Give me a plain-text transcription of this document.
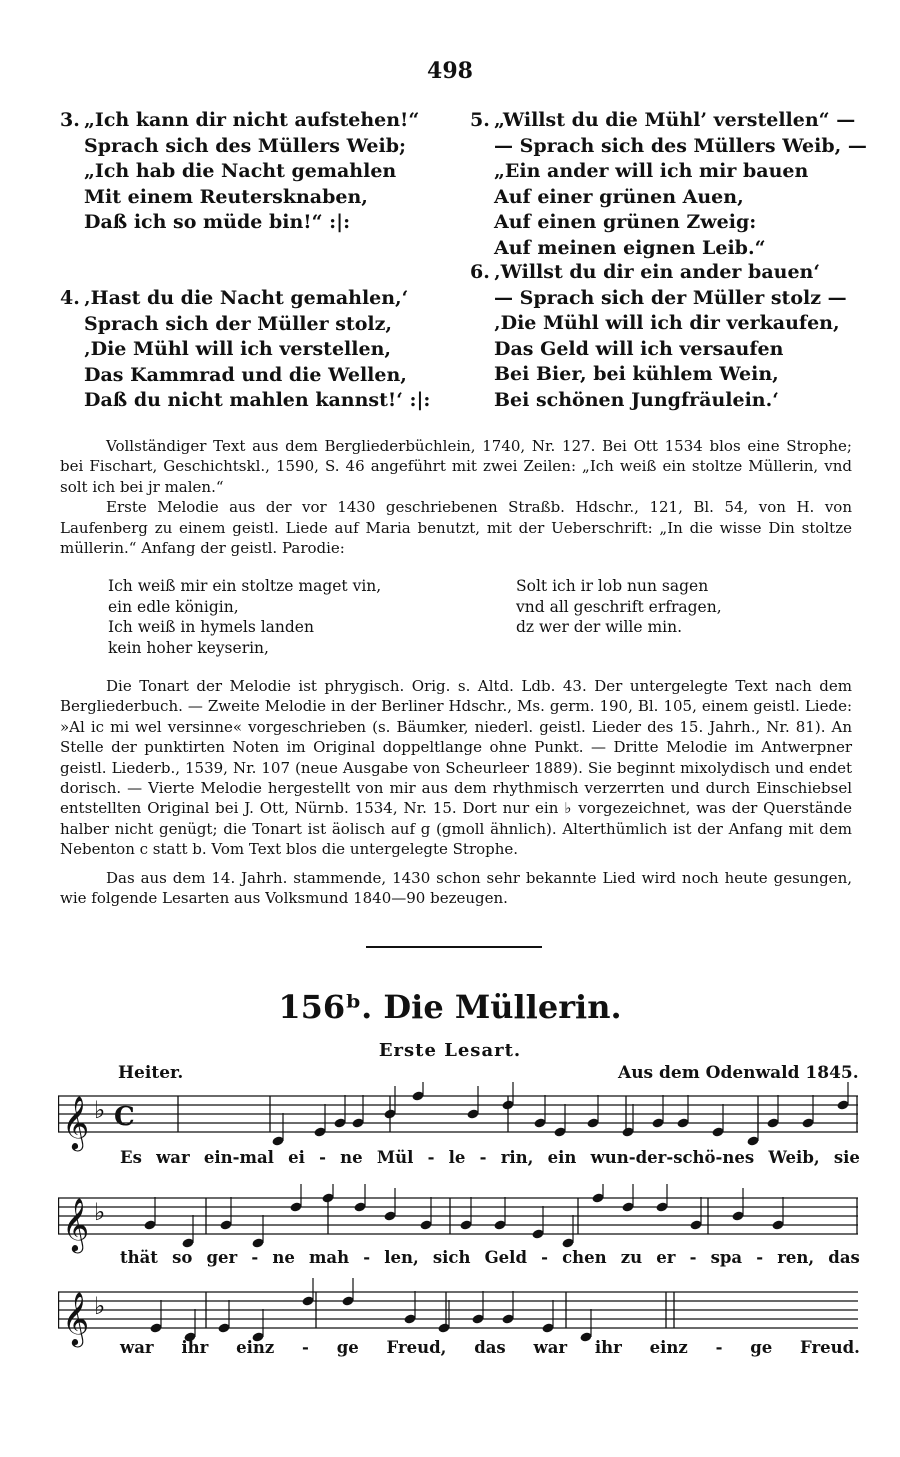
498
3. „Ich kann dir nicht aufstehen!“
Sprach sich des Müllers Weib;
„Ich hab die Nacht gemahlen
Mit einem Reutersknaben,
Daß ich so müde bin!“ :|:
4. ‚Hast du die Nacht gemahlen,‘
Sprach sich der Müller stolz,
‚Die Mühl will ich verstellen,
Das Kammrad und die Wellen,
Daß du nicht mahlen kannst!‘ :|:
5. „Willst du die Mühl’ verstellen“ —
— Sprach sich des Müllers Weib, —
„Ein ander will ich mir bauen
Auf einer grünen Auen,
Auf einen grünen Zweig:
Auf meinen eignen Leib.“
6. ‚Willst du dir ein ander bauen‘
— Sprach sich der Müller stolz —
‚Die Mühl will ich dir verkaufen,
Das Geld will ich versaufen
Bei Bier, bei kühlem Wein,
Bei schönen Jungfräulein.‘

Vollständiger Text aus dem Bergliederbüchlein, 1740, Nr. 127. Bei Ott 1534 blos eine Strophe; bei Fischart, Geschichtskl., 1590, S. 46 angeführt mit zwei Zeilen: „Ich weiß ein stoltze Müllerin, vnd solt ich bei jr malen.“

Erste Melodie aus der vor 1430 geschriebenen Straßb. Hdschr., 121, Bl. 54, von H. von Laufenberg zu einem geistl. Liede auf Maria benutzt, mit der Ueberschrift: „In die wisse Din stoltze müllerin.“ Anfang der geistl. Parodie:

Ich weiß mir ein stoltze maget vin,
ein edle königin,
Ich weiß in hymels landen
kein hoher keyserin,
Solt ich ir lob nun sagen
vnd all geschrift erfragen,
dz wer der wille min.

Die Tonart der Melodie ist phrygisch. Orig. s. Altd. Ldb. 43. Der untergelegte Text nach dem Bergliederbuch. — Zweite Melodie in der Berliner Hdschr., Ms. germ. 190, Bl. 105, einem geistl. Liede: »Al ic mi wel versinne« vorgeschrieben (s. Bäumker, niederl. geistl. Lieder des 15. Jahrh., Nr. 81). An Stelle der punktirten Noten im Original doppeltlange ohne Punkt. — Dritte Melodie im Antwerpner geistl. Liederb., 1539, Nr. 107 (neue Ausgabe von Scheurleer 1889). Sie beginnt mixolydisch und endet dorisch. — Vierte Melodie hergestellt von mir aus dem rhythmisch verzerrten und durch Einschiebsel entstellten Original bei J. Ott, Nürnb. 1534, Nr. 15. Dort nur ein ♭ vorgezeichnet, was der Querstände halber nicht genügt; die Tonart ist äolisch auf g (gmoll ähnlich). Alterthümlich ist der Anfang mit dem Nebenton c statt b. Vom Text blos die untergelegte Strophe.

Das aus dem 14. Jahrh. stammende, 1430 schon sehr bekannte Lied wird noch heute gesungen, wie folgende Lesarten aus Volksmund 1840—90 bezeugen.

156ᵇ. Die Müllerin.
Erste Lesart.
Heiter.	Aus dem Odenwald 1845.
𝄞 ♭ C
Es war ein-mal ei - ne Mül - le - rin, ein wun-der-schö-nes Weib, sie
𝄞 ♭
thät so ger - ne mah - len, sich Geld - chen zu er - spa - ren, das
𝄞 ♭
war ihr einz - ge Freud, das war ihr einz - ge Freud.
